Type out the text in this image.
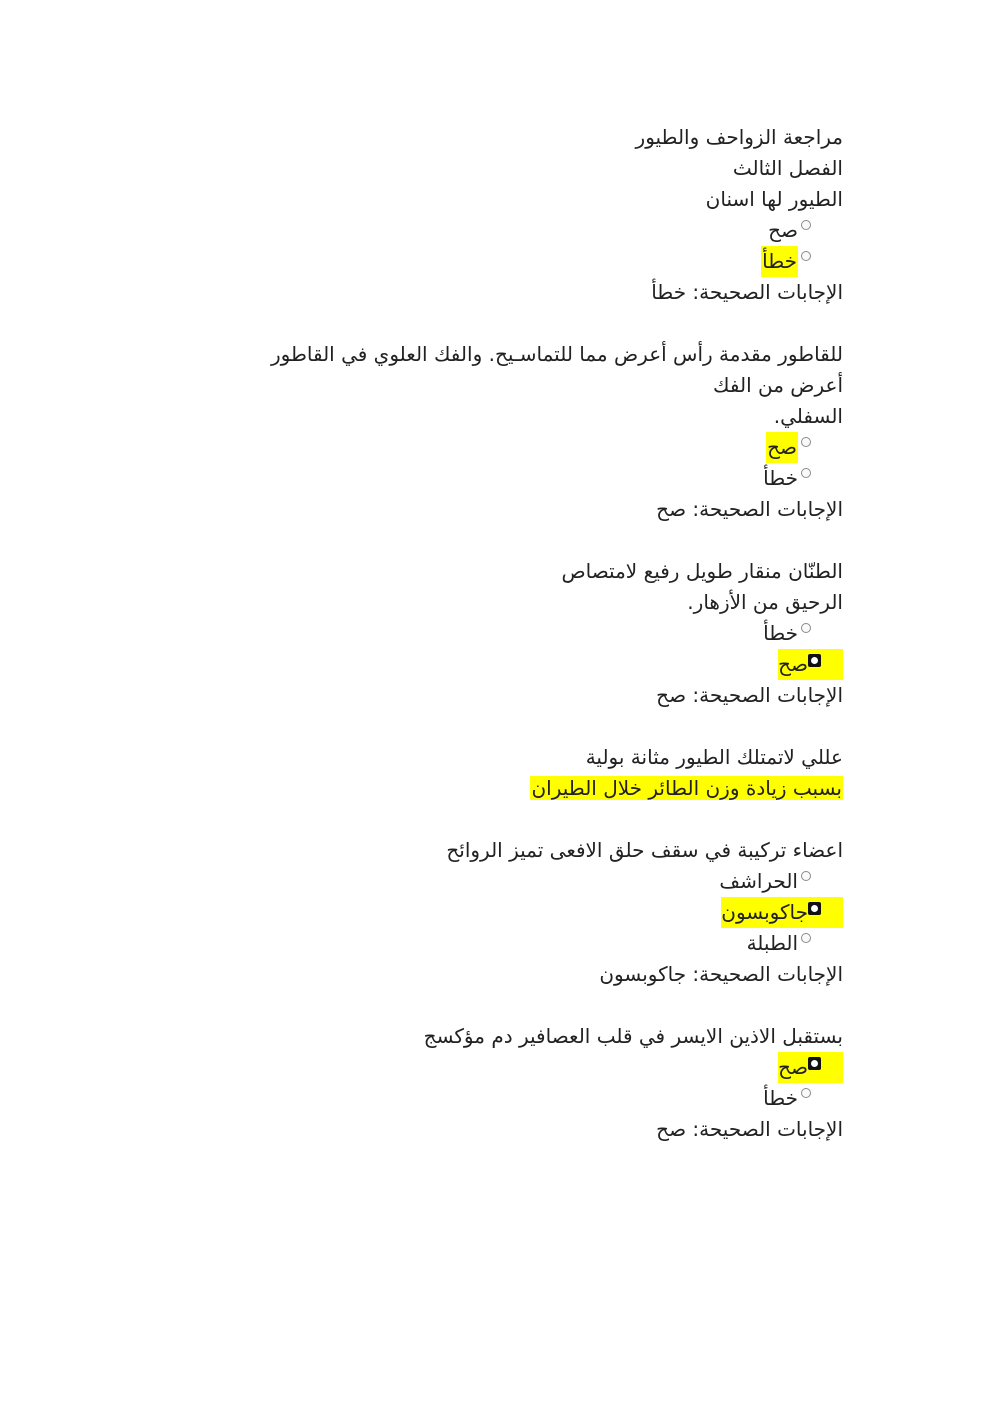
مراجعة الزواحف والطيور
الفصل الثالث
الطيور لها اسنان
صح
خطأ
الإجابات الصحيحة: خطأ
للقاطور مقدمة رأس أعرض مما للتماسـيح. والفك العلوي في القاطور
أعرض من الفك
السفلي.
صح
خطأ
الإجابات الصحيحة: صح
الطنّان منقار طويل رفيع لامتصاص
الرحيق من الأزهار.
خطأ
صح
الإجابات الصحيحة: صح
عللي لاتمتلك الطيور مثانة بولية
بسبب زيادة وزن الطائر خلال الطيران
اعضاء تركيبة في سقف حلق الافعى تميز الروائح
الحراشف
جاكوبسون
الطبلة
الإجابات الصحيحة: جاكوبسون
بستقبل الاذين الايسر في قلب العصافير دم مؤكسج
صح
خطأ
الإجابات الصحيحة: صح
